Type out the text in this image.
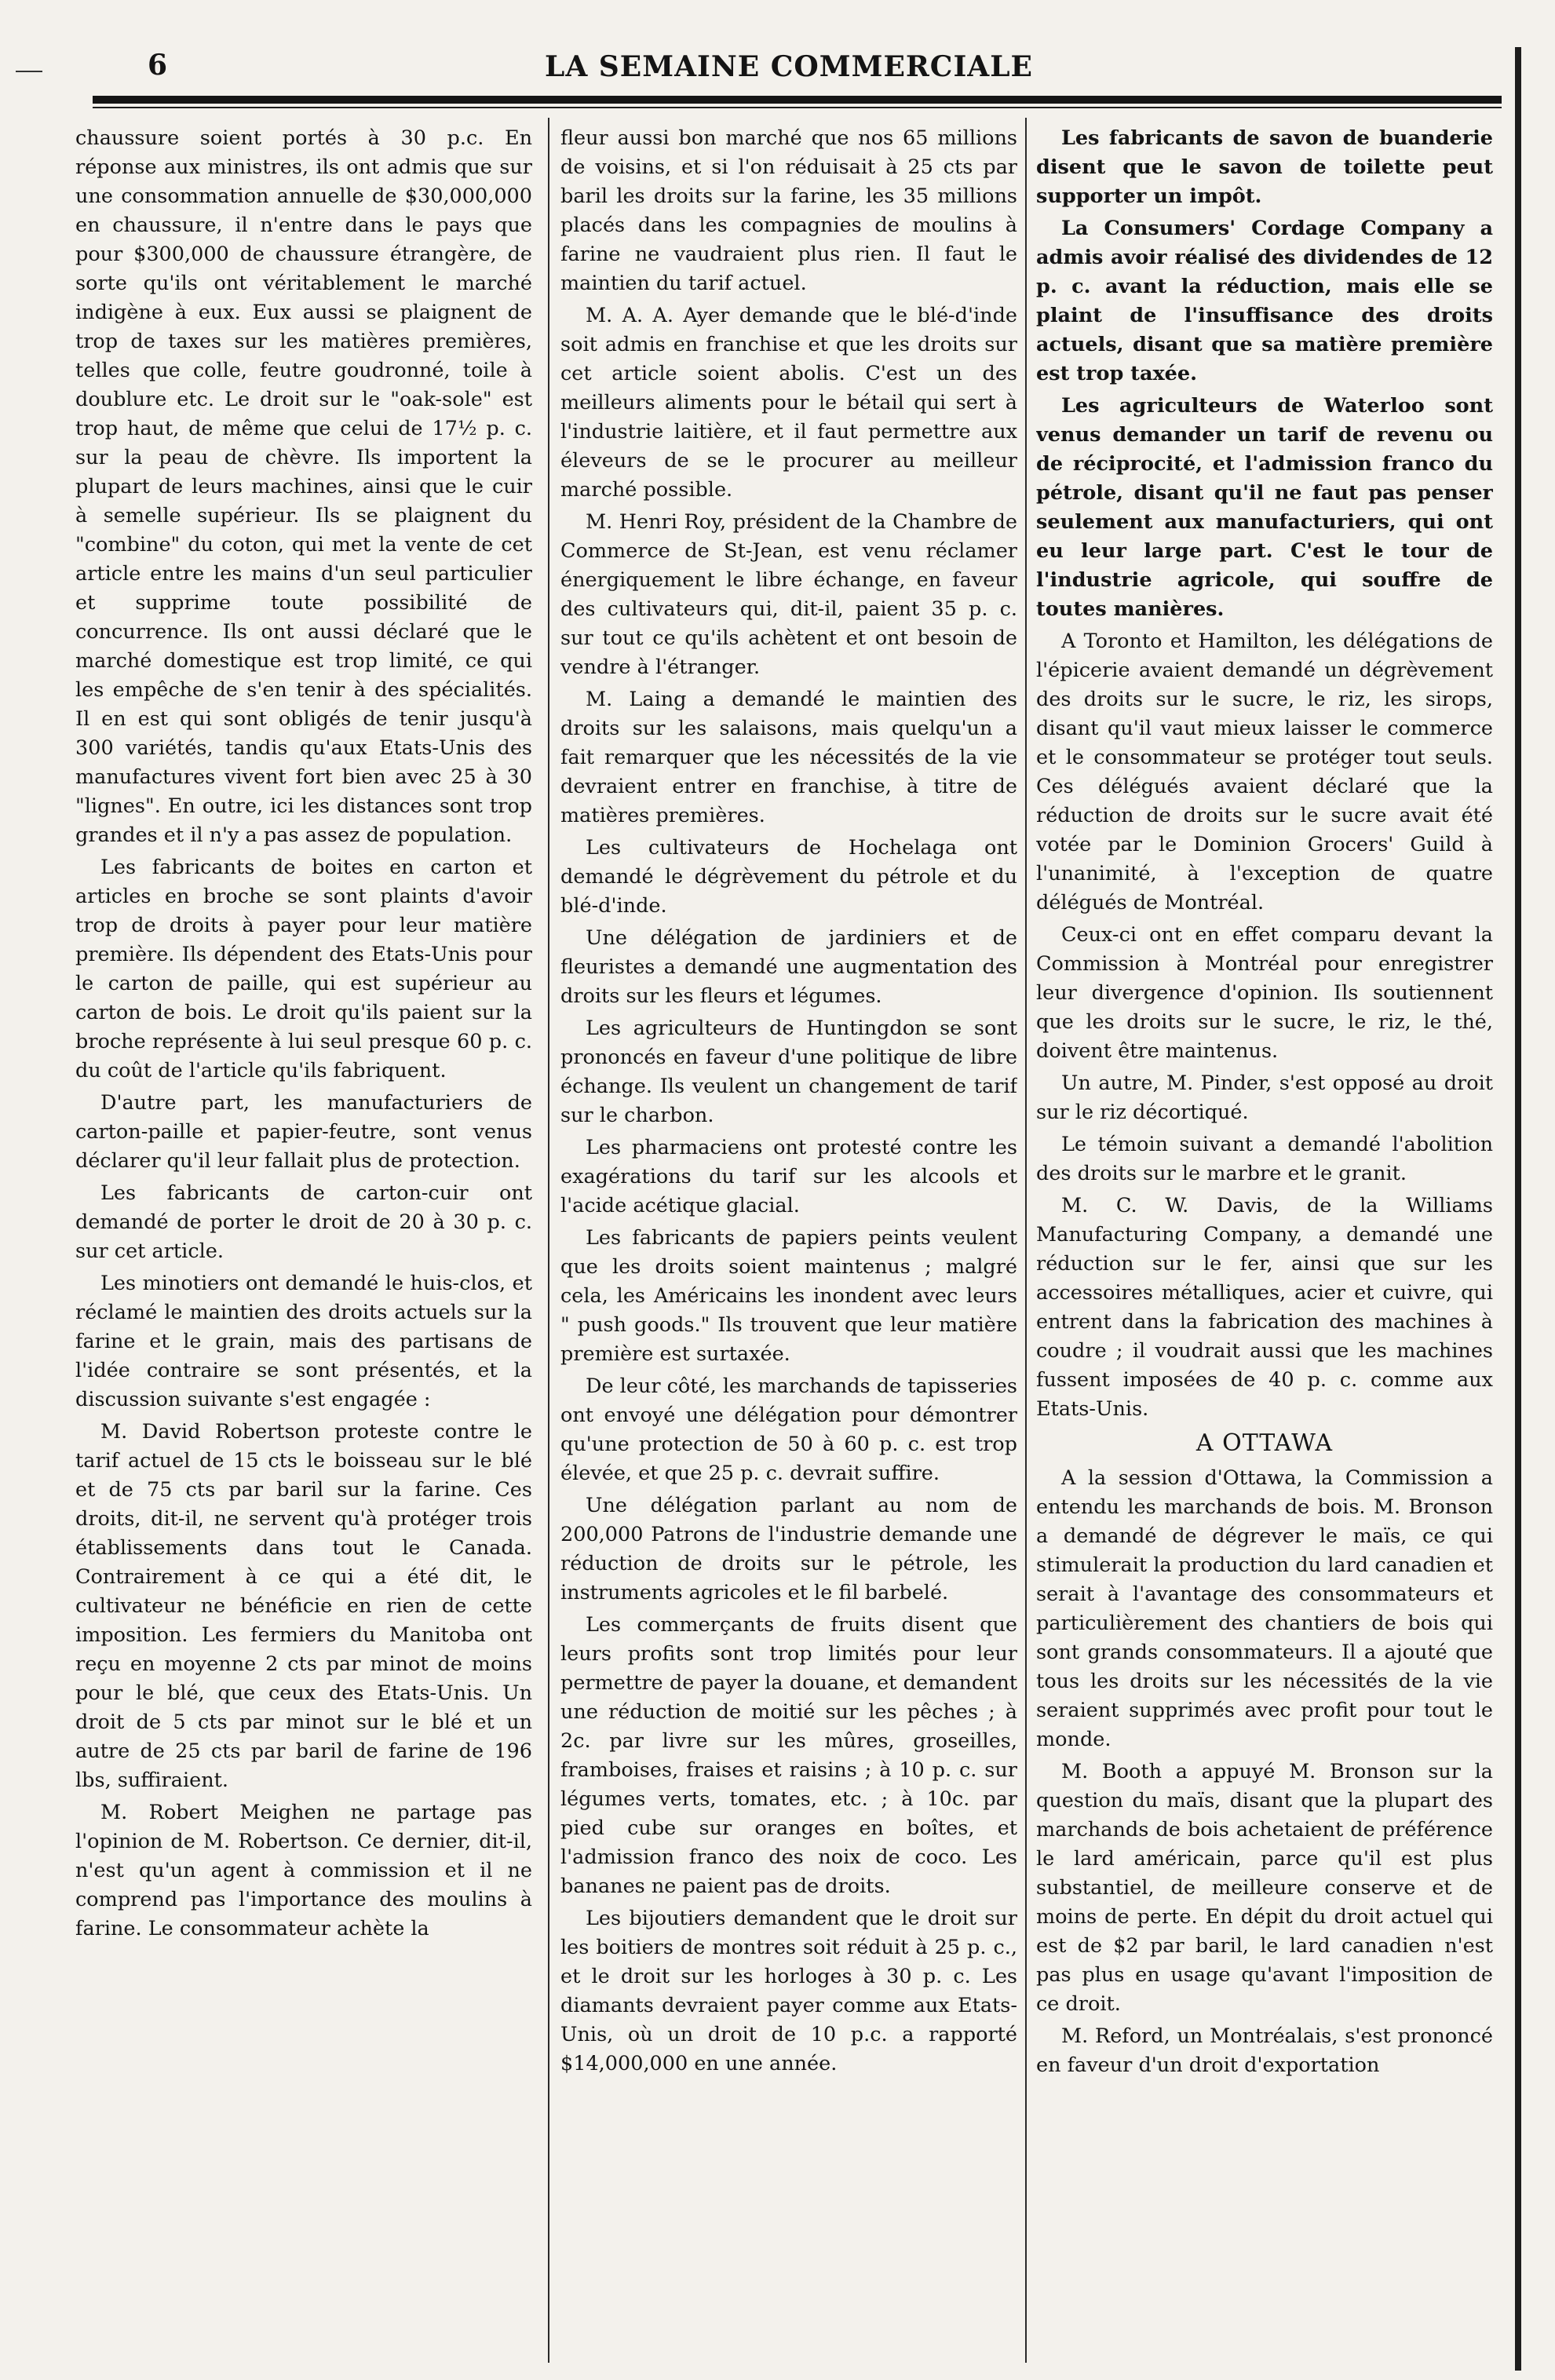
6	LA SEMAINE COMMERCIALE

chaussure soient portés à 30 p.c. En réponse aux ministres, ils ont admis que sur une consommation annuelle de $30,000,000 en chaussure, il n'entre dans le pays que pour $300,000 de chaussure étrangère, de sorte qu'ils ont véritablement le marché indigène à eux. Eux aussi se plaignent de trop de taxes sur les matières premières, telles que colle, feutre goudronné, toile à doublure etc. Le droit sur le "oak-sole" est trop haut, de même que celui de 17½ p. c. sur la peau de chèvre. Ils importent la plupart de leurs machines, ainsi que le cuir à semelle supérieur. Ils se plaignent du "combine" du coton, qui met la vente de cet article entre les mains d'un seul particulier et supprime toute possibilité de concurrence. Ils ont aussi déclaré que le marché domestique est trop limité, ce qui les empêche de s'en tenir à des spécialités. Il en est qui sont obligés de tenir jusqu'à 300 variétés, tandis qu'aux Etats-Unis des manufactures vivent fort bien avec 25 à 30 "lignes". En outre, ici les distances sont trop grandes et il n'y a pas assez de population.

Les fabricants de boites en carton et articles en broche se sont plaints d'avoir trop de droits à payer pour leur matière première. Ils dépendent des Etats-Unis pour le carton de paille, qui est supérieur au carton de bois. Le droit qu'ils paient sur la broche représente à lui seul presque 60 p. c. du coût de l'article qu'ils fabriquent.

D'autre part, les manufacturiers de carton-paille et papier-feutre, sont venus déclarer qu'il leur fallait plus de protection.

Les fabricants de carton-cuir ont demandé de porter le droit de 20 à 30 p. c. sur cet article.

Les minotiers ont demandé le huis-clos, et réclamé le maintien des droits actuels sur la farine et le grain, mais des partisans de l'idée contraire se sont présentés, et la discussion suivante s'est engagée :

M. David Robertson proteste contre le tarif actuel de 15 cts le boisseau sur le blé et de 75 cts par baril sur la farine. Ces droits, dit-il, ne servent qu'à protéger trois établissements dans tout le Canada. Contrairement à ce qui a été dit, le cultivateur ne bénéficie en rien de cette imposition. Les fermiers du Manitoba ont reçu en moyenne 2 cts par minot de moins pour le blé, que ceux des Etats-Unis. Un droit de 5 cts par minot sur le blé et un autre de 25 cts par baril de farine de 196 lbs, suffiraient.

M. Robert Meighen ne partage pas l'opinion de M. Robertson. Ce dernier, dit-il, n'est qu'un agent à commission et il ne comprend pas l'importance des moulins à farine. Le consommateur achète la

fleur aussi bon marché que nos 65 millions de voisins, et si l'on réduisait à 25 cts par baril les droits sur la farine, les 35 millions placés dans les compagnies de moulins à farine ne vaudraient plus rien. Il faut le maintien du tarif actuel.

M. A. A. Ayer demande que le blé-d'inde soit admis en franchise et que les droits sur cet article soient abolis. C'est un des meilleurs aliments pour le bétail qui sert à l'industrie laitière, et il faut permettre aux éleveurs de se le procurer au meilleur marché possible.

M. Henri Roy, président de la Chambre de Commerce de St-Jean, est venu réclamer énergiquement le libre échange, en faveur des cultivateurs qui, dit-il, paient 35 p. c. sur tout ce qu'ils achètent et ont besoin de vendre à l'étranger.

M. Laing a demandé le maintien des droits sur les salaisons, mais quelqu'un a fait remarquer que les nécessités de la vie devraient entrer en franchise, à titre de matières premières.

Les cultivateurs de Hochelaga ont demandé le dégrèvement du pétrole et du blé-d'inde.

Une délégation de jardiniers et de fleuristes a demandé une augmentation des droits sur les fleurs et légumes.

Les agriculteurs de Huntingdon se sont prononcés en faveur d'une politique de libre échange. Ils veulent un changement de tarif sur le charbon.

Les pharmaciens ont protesté contre les exagérations du tarif sur les alcools et l'acide acétique glacial.

Les fabricants de papiers peints veulent que les droits soient maintenus ; malgré cela, les Américains les inondent avec leurs " push goods." Ils trouvent que leur matière première est surtaxée.

De leur côté, les marchands de tapisseries ont envoyé une délégation pour démontrer qu'une protection de 50 à 60 p. c. est trop élevée, et que 25 p. c. devrait suffire.

Une délégation parlant au nom de 200,000 Patrons de l'industrie demande une réduction de droits sur le pétrole, les instruments agricoles et le fil barbelé.

Les commerçants de fruits disent que leurs profits sont trop limités pour leur permettre de payer la douane, et demandent une réduction de moitié sur les pêches ; à 2c. par livre sur les mûres, groseilles, framboises, fraises et raisins ; à 10 p. c. sur légumes verts, tomates, etc. ; à 10c. par pied cube sur oranges en boîtes, et l'admission franco des noix de coco. Les bananes ne paient pas de droits.

Les bijoutiers demandent que le droit sur les boitiers de montres soit réduit à 25 p. c., et le droit sur les horloges à 30 p. c. Les diamants devraient payer comme aux Etats-Unis, où un droit de 10 p.c. a rapporté $14,000,000 en une année.

Les fabricants de savon de buanderie disent que le savon de toilette peut supporter un impôt.

La Consumers' Cordage Company a admis avoir réalisé des dividendes de 12 p. c. avant la réduction, mais elle se plaint de l'insuffisance des droits actuels, disant que sa matière première est trop taxée.

Les agriculteurs de Waterloo sont venus demander un tarif de revenu ou de réciprocité, et l'admission franco du pétrole, disant qu'il ne faut pas penser seulement aux manufacturiers, qui ont eu leur large part. C'est le tour de l'industrie agricole, qui souffre de toutes manières.

A Toronto et Hamilton, les délégations de l'épicerie avaient demandé un dégrèvement des droits sur le sucre, le riz, les sirops, disant qu'il vaut mieux laisser le commerce et le consommateur se protéger tout seuls. Ces délégués avaient déclaré que la réduction de droits sur le sucre avait été votée par le Dominion Grocers' Guild à l'unanimité, à l'exception de quatre délégués de Montréal.

Ceux-ci ont en effet comparu devant la Commission à Montréal pour enregistrer leur divergence d'opinion. Ils soutiennent que les droits sur le sucre, le riz, le thé, doivent être maintenus.

Un autre, M. Pinder, s'est opposé au droit sur le riz décortiqué.

Le témoin suivant a demandé l'abolition des droits sur le marbre et le granit.

M. C. W. Davis, de la Williams Manufacturing Company, a demandé une réduction sur le fer, ainsi que sur les accessoires métalliques, acier et cuivre, qui entrent dans la fabrication des machines à coudre ; il voudrait aussi que les machines fussent imposées de 40 p. c. comme aux Etats-Unis.

A OTTAWA

A la session d'Ottawa, la Commission a entendu les marchands de bois. M. Bronson a demandé de dégrever le maïs, ce qui stimulerait la production du lard canadien et serait à l'avantage des consommateurs et particulièrement des chantiers de bois qui sont grands consommateurs. Il a ajouté que tous les droits sur les nécessités de la vie seraient supprimés avec profit pour tout le monde.

M. Booth a appuyé M. Bronson sur la question du maïs, disant que la plupart des marchands de bois achetaient de préférence le lard américain, parce qu'il est plus substantiel, de meilleure conserve et de moins de perte. En dépit du droit actuel qui est de $2 par baril, le lard canadien n'est pas plus en usage qu'avant l'imposition de ce droit.

M. Reford, un Montréalais, s'est prononcé en faveur d'un droit d'exportation
